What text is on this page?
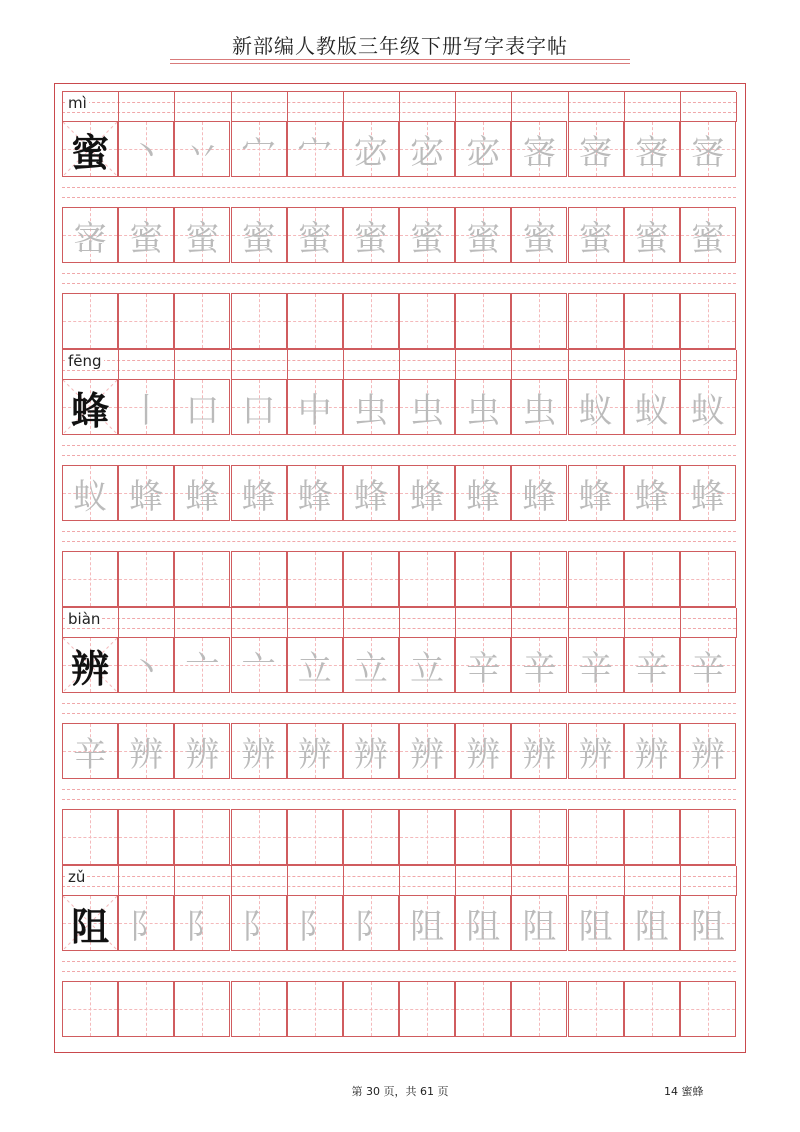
新部编人教版三年级下册写字表字帖
mì
蜜 丶 丷 宀 宀 宓 宓 宓 宻 宻 宻 宻
宻 蜜 蜜 蜜 蜜 蜜 蜜 蜜 蜜 蜜 蜜 蜜
fēng
蜂 丨 口 口 中 虫 虫 虫 虫 蚁 蚁 蚁
蚁 蜂 蜂 蜂 蜂 蜂 蜂 蜂 蜂 蜂 蜂 蜂
biàn
辨 丶 亠 亠 立 立 立 辛 辛 辛 辛 辛
辛 辨 辨 辨 辨 辨 辨 辨 辨 辨 辨 辨
zǔ
阻 阝 阝 阝 阝 阝 阻 阻 阻 阻 阻 阻
第 30 页，共 61 页	14 蜜蜂
